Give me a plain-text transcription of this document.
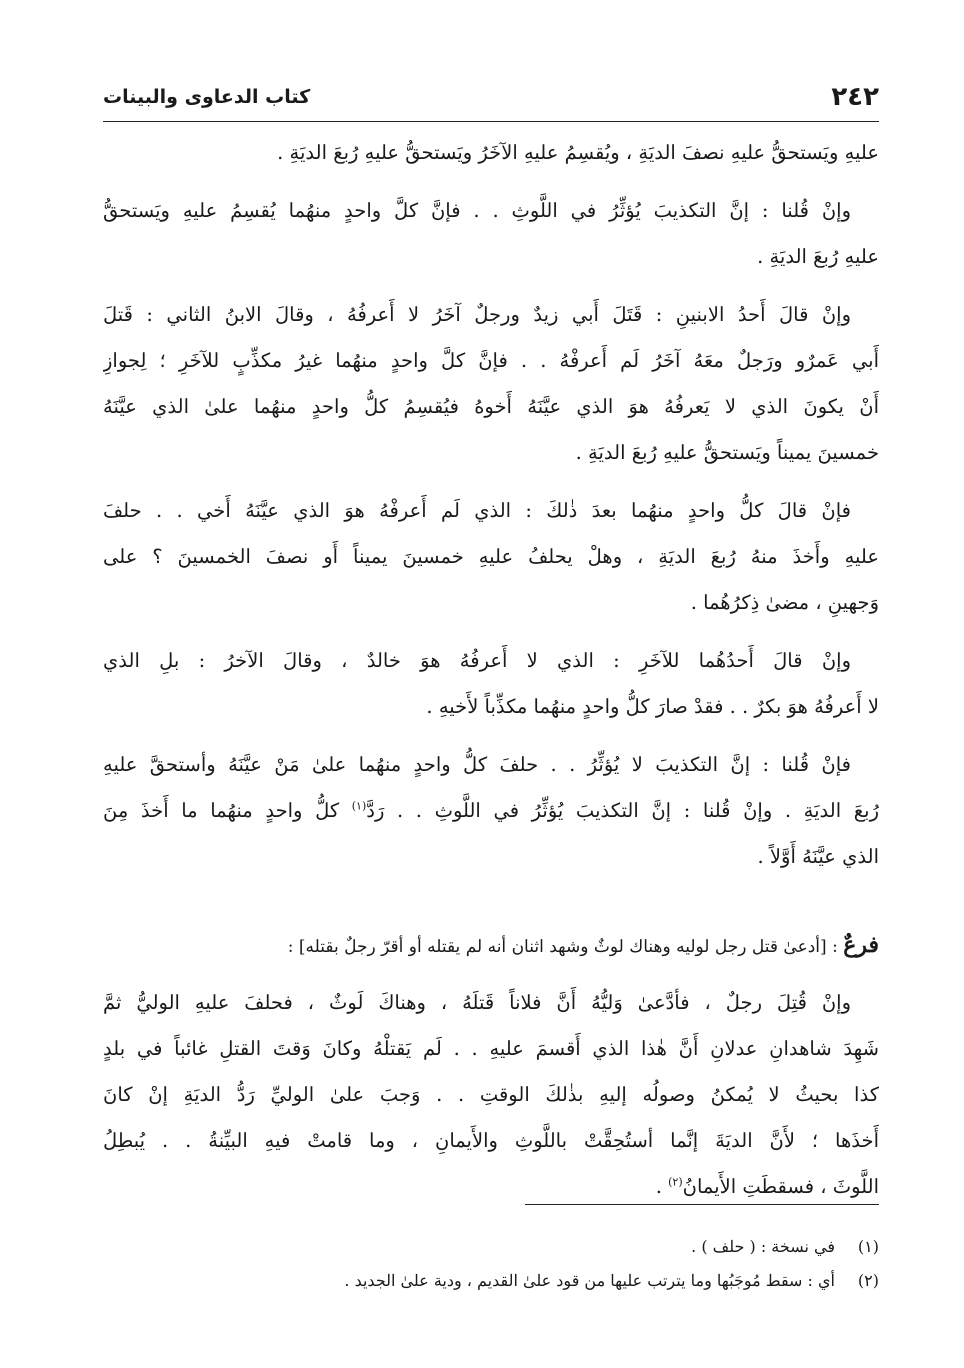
٢٤٢
كتاب الدعاوى والبينات
عليهِ ويَستحقُّ عليهِ نصفَ الديَةِ ، ويُقسِمُ عليهِ الآخَرُ ويَستحقُّ عليهِ رُبعَ الديَةِ .
وإنْ قُلنا : إنَّ التكذيبَ يُؤثِّرُ في اللَّوثِ . . فإنَّ كلَّ واحدٍ منهُما يُقسِمُ عليهِ ويَستحقُّ
عليهِ رُبعَ الديَةِ .
وإنْ قالَ أَحدُ الابنينِ : قَتَلَ أَبي زيدٌ ورجلٌ آخَرُ لا أَعرفُهُ ، وقالَ الابنُ الثاني : قَتلَ
أَبي عَمرٌو ورَجلٌ معَهُ آخَرُ لَم أَعرفْهُ . . فإنَّ كلَّ واحدٍ منهُما غيرُ مكذِّبٍ للآخَرِ ؛ لِجوازِ
أَنْ يكونَ الذي لا يَعرفُهُ هوَ الذي عيَّنَهُ أَخوهُ فيُقسِمُ كلُّ واحدٍ منهُما علىٰ الذي عيَّنَهُ
خمسينَ يميناً ويَستحقُّ عليهِ رُبعَ الديَةِ .
فإنْ قالَ كلُّ واحدٍ منهُما بعدَ ذٰلكَ : الذي لَم أَعرفْهُ هوَ الذي عيَّنَهُ أَخي . . حلفَ
عليهِ وأَخذَ منهُ رُبعَ الديَةِ ، وهلْ يحلفُ عليهِ خمسينَ يميناً أَو نصفَ الخمسينَ ؟ على
وَجهينِ ، مضىٰ ذِكرُهُما .
وإنْ قالَ أَحدُهُما للآخَرِ : الذي لا أَعرفُهُ هوَ خالدٌ ، وقالَ الآخرُ : بلِ الذي
لا أَعرفُهُ هوَ بكرٌ . . فقدْ صارَ كلُّ واحدٍ منهُما مكذِّباً لأَخيهِ .
فإنْ قُلنا : إنَّ التكذيبَ لا يُؤثِّرُ . . حلفَ كلُّ واحدٍ منهُما علىٰ مَنْ عيَّنَهُ وأستحقَّ عليهِ
رُبعَ الديَةِ . وإنْ قُلنا : إنَّ التكذيبَ يُؤثِّرُ في اللَّوثِ . . رَدَّ$^{(١)}$ كلُّ واحدٍ منهُما ما أَخذَ مِنَ
الذي عيَّنَهُ أَوَّلاً .
فرعٌ : [أدعىٰ قتل رجل لوليه وهناك لوثٌ وشهد اثنان أنه لم يقتله أو أقرّ رجلٌ بقتله] :
وإنْ قُتِلَ رجلٌ ، فأدَّعىٰ وَليُّهُ أَنَّ فلاناً قَتلَهُ ، وهناكَ لَوثٌ ، فحلفَ عليهِ الوليُّ ثمَّ
شَهِدَ شاهدانِ عدلانِ أَنَّ هٰذا الذي أَقسمَ عليهِ . . لَم يَقتلْهُ وكانَ وَقتَ القتلِ غائباً في بلدٍ
كذا بحيثُ لا يُمكنُ وصولُه إليهِ بذٰلكَ الوقتِ . . وَجبَ علىٰ الوليِّ رَدُّ الديَةِ إنْ كانَ
أَخذَها ؛ لأَنَّ الديَةَ إنَّما أستُحِقَّتْ باللَّوثِ والأَيمانِ ، وما قامتْ فيهِ البيِّنةُ . . يُبطِلُ
اللَّوثَ ، فسقطَتِ الأَيمانُ$^{(٢)}$ .
(١)في نسخة : ( حلف ) .
(٢)أي : سقط مُوجَبُها وما يترتب عليها من قود علىٰ القديم ، ودية علىٰ الجديد .
